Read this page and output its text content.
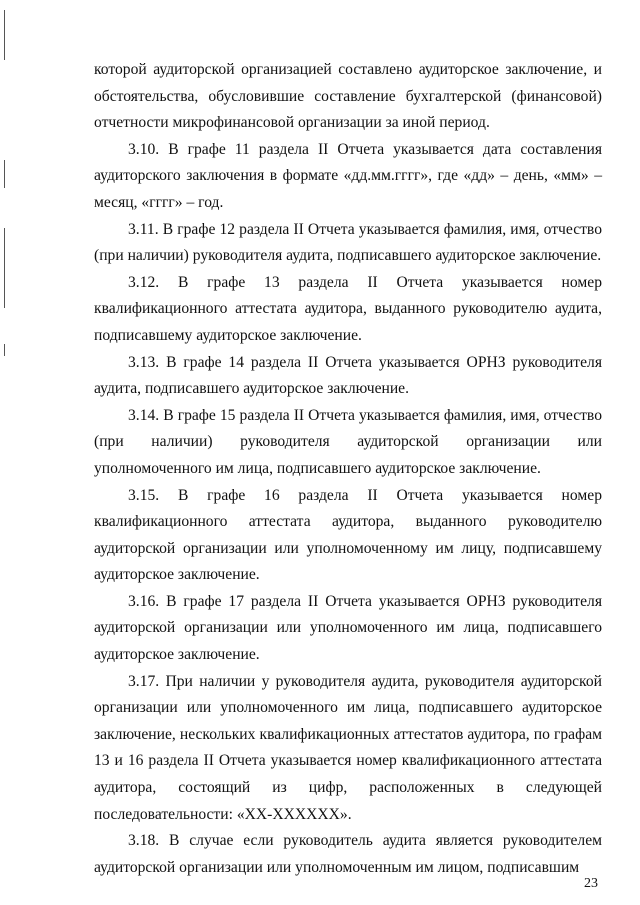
которой аудиторской организацией составлено аудиторское заключение, и обстоятельства, обусловившие составление бухгалтерской (финансовой) отчетности микрофинансовой организации за иной период.

3.10. В графе 11 раздела II Отчета указывается дата составления аудиторского заключения в формате «дд.мм.гггг», где «дд» – день, «мм» – месяц, «гггг» – год.

3.11. В графе 12 раздела II Отчета указывается фамилия, имя, отчество (при наличии) руководителя аудита, подписавшего аудиторское заключение.

3.12. В графе 13 раздела II Отчета указывается номер квалификационного аттестата аудитора, выданного руководителю аудита, подписавшему аудиторское заключение.

3.13. В графе 14 раздела II Отчета указывается ОРНЗ руководителя аудита, подписавшего аудиторское заключение.

3.14. В графе 15 раздела II Отчета указывается фамилия, имя, отчество (при наличии) руководителя аудиторской организации или уполномоченного им лица, подписавшего аудиторское заключение.

3.15. В графе 16 раздела II Отчета указывается номер квалификационного аттестата аудитора, выданного руководителю аудиторской организации или уполномоченному им лицу, подписавшему аудиторское заключение.

3.16. В графе 17 раздела II Отчета указывается ОРНЗ руководителя аудиторской организации или уполномоченного им лица, подписавшего аудиторское заключение.

3.17. При наличии у руководителя аудита, руководителя аудиторской организации или уполномоченного им лица, подписавшего аудиторское заключение, нескольких квалификационных аттестатов аудитора, по графам 13 и 16 раздела II Отчета указывается номер квалификационного аттестата аудитора, состоящий из цифр, расположенных в следующей последовательности: «ХХ-ХХХХХХ».

3.18. В случае если руководитель аудита является руководителем аудиторской организации или уполномоченным им лицом, подписавшим

23
